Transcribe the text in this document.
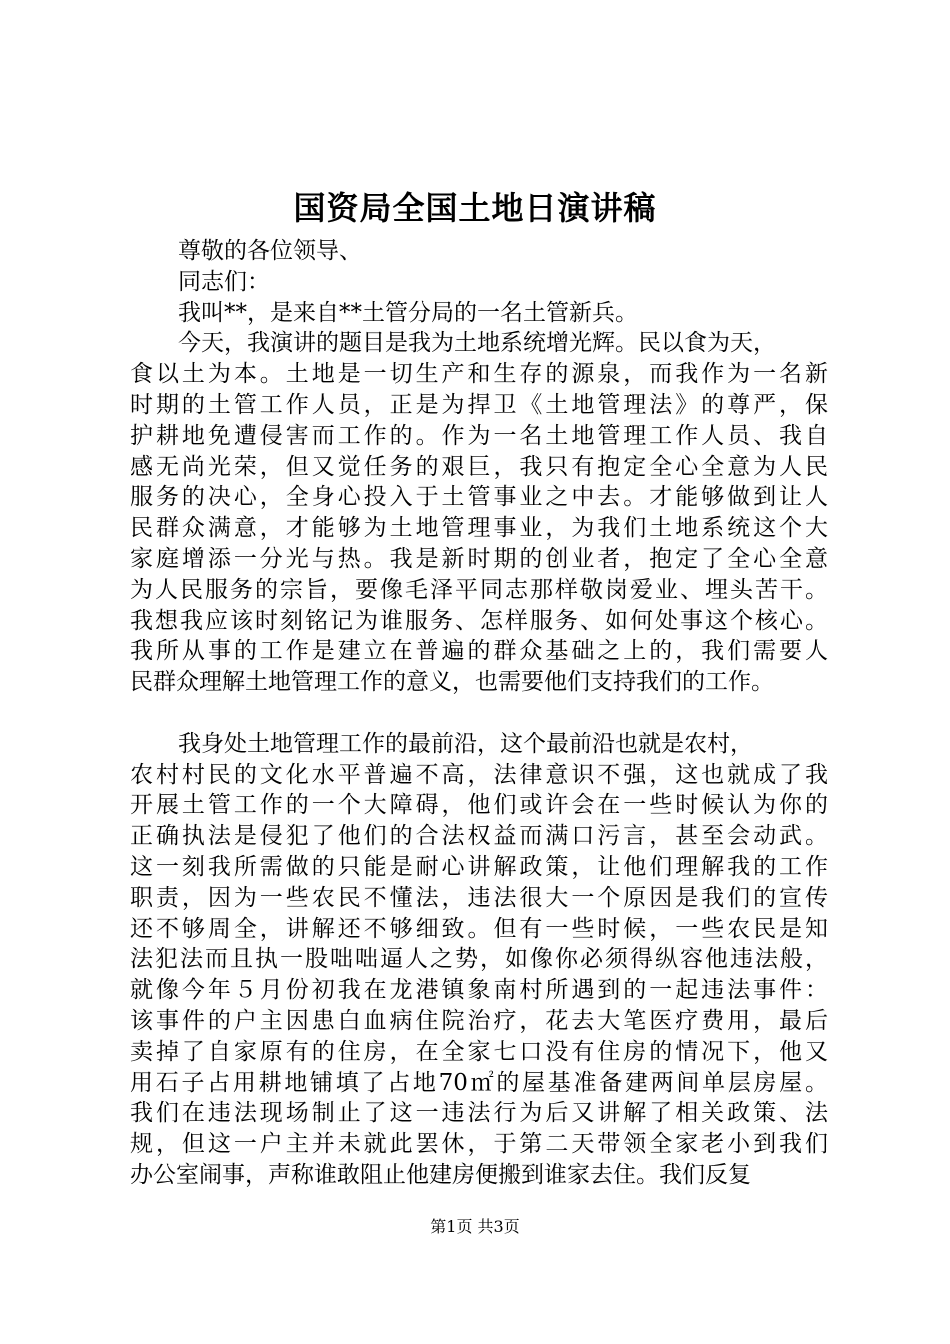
国资局全国土地日演讲稿
尊敬的各位领导、
同志们：
我叫**，是来自**土管分局的一名土管新兵。
今天，我演讲的题目是我为土地系统增光辉。民以食为天，
食以土为本。土地是一切生产和生存的源泉，而我作为一名新
时期的土管工作人员，正是为捍卫《土地管理法》的尊严，保
护耕地免遭侵害而工作的。作为一名土地管理工作人员、我自
感无尚光荣，但又觉任务的艰巨，我只有抱定全心全意为人民
服务的决心，全身心投入于土管事业之中去。才能够做到让人
民群众满意，才能够为土地管理事业，为我们土地系统这个大
家庭增添一分光与热。我是新时期的创业者，抱定了全心全意
为人民服务的宗旨，要像毛泽平同志那样敬岗爱业、埋头苦干。
我想我应该时刻铭记为谁服务、怎样服务、如何处事这个核心。
我所从事的工作是建立在普遍的群众基础之上的，我们需要人
民群众理解土地管理工作的意义，也需要他们支持我们的工作。
我身处土地管理工作的最前沿，这个最前沿也就是农村，
农村村民的文化水平普遍不高，法律意识不强，这也就成了我
开展土管工作的一个大障碍，他们或许会在一些时候认为你的
正确执法是侵犯了他们的合法权益而满口污言，甚至会动武。
这一刻我所需做的只能是耐心讲解政策，让他们理解我的工作
职责，因为一些农民不懂法，违法很大一个原因是我们的宣传
还不够周全，讲解还不够细致。但有一些时候，一些农民是知
法犯法而且执一股咄咄逼人之势，如像你必须得纵容他违法般，
就像今年５月份初我在龙港镇象南村所遇到的一起违法事件：
该事件的户主因患白血病住院治疗，花去大笔医疗费用，最后
卖掉了自家原有的住房，在全家七口没有住房的情况下，他又
用石子占用耕地铺填了占地70㎡的屋基准备建两间单层房屋。
我们在违法现场制止了这一违法行为后又讲解了相关政策、法
规，但这一户主并未就此罢休，于第二天带领全家老小到我们
办公室闹事，声称谁敢阻止他建房便搬到谁家去住。我们反复
第1页 共3页
